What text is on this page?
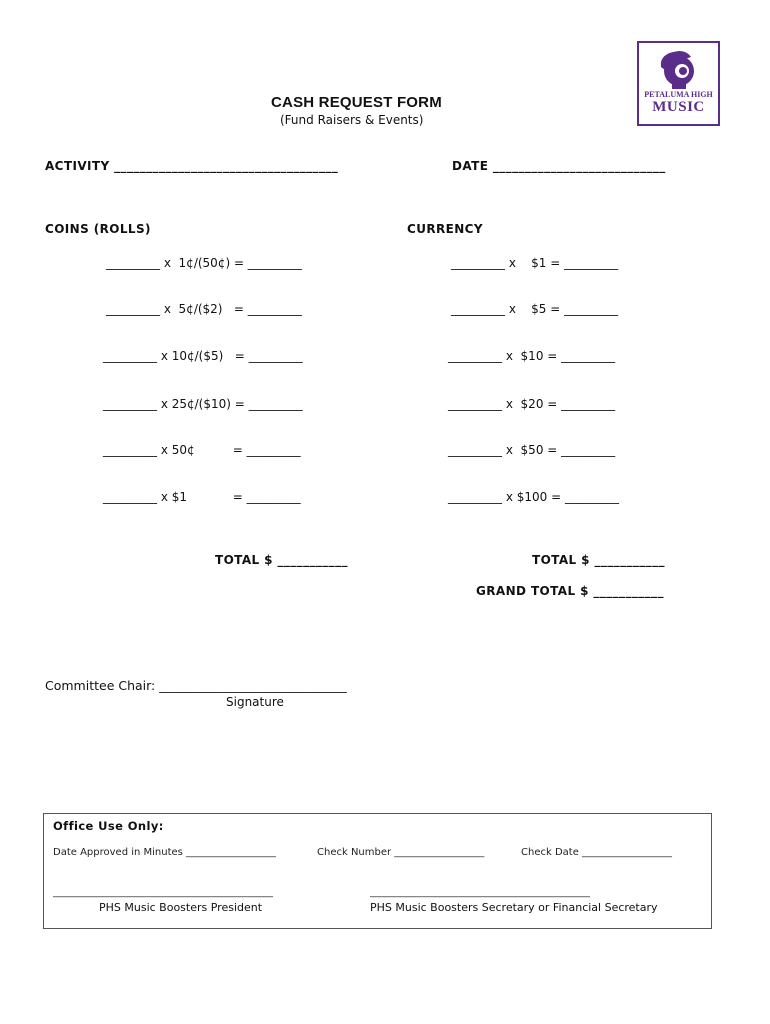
PETALUMA HIGH
MUSIC
CASH REQUEST FORM
(Fund Raisers & Events)
ACTIVITY ___________________________________	DATE ___________________________
COINS (ROLLS)	CURRENCY
_________ x  1¢/(50¢) = _________
_________ x  5¢/($2)   = _________
_________ x 10¢/($5)   = _________
_________ x 25¢/($10) = _________
_________ x 50¢          = _________
_________ x $1            = _________
_________ x    $1 = _________
_________ x    $5 = _________
_________ x  $10 = _________
_________ x  $20 = _________
_________ x  $50 = _________
_________ x $100 = _________
TOTAL $ ___________	TOTAL $ ___________
GRAND TOTAL $ ___________
Committee Chair: ______________________________
Signature
Office Use Only:
Date Approved in Minutes __________________	Check Number __________________	Check Date __________________
____________________________________________	____________________________________________
PHS Music Boosters President	PHS Music Boosters Secretary or Financial Secretary
